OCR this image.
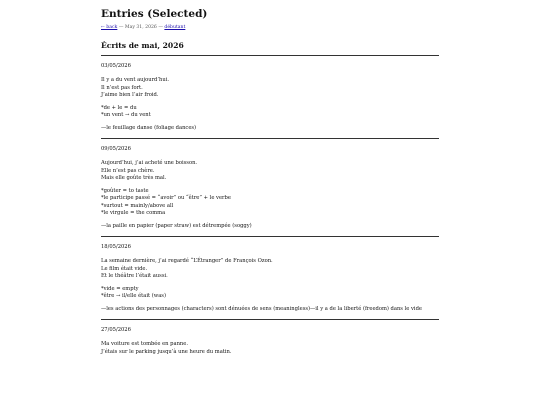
Entries (Selected)
← back — May 31, 2026 — débutant
Écrits de mai, 2026
03/05/2026
Il y a du vent aujourd’hui.
Il n’est pas fort.
J’aime bien l’air froid.
*de + le = du
*un vent → du vent
—le feuillage danse (foliage dances)
09/05/2026
Aujourd’hui, j’ai acheté une boisson.
Elle n’est pas chère.
Mais elle goûte très mal.
*goûter = to taste
*le participe passé = “avoir” ou “être” + le verbe
*surtout = mainly/above all
*le virgule = the comma
—la paille en papier (paper straw) est détrempée (soggy)
18/05/2026
La semaine dernière, j’ai regardé “L’Étranger” de François Ozon.
Le film était vide.
Et le théâtre l’était aussi.
*vide = empty
*être → il/elle était (was)
—les actions des personnages (characters) sont dénuées de sens (meaningless)—il y a de la liberté (freedom) dans le vide
27/05/2026
Ma voiture est tombée en panne.
J’étais sur le parking jusqu’à une heure du matin.
